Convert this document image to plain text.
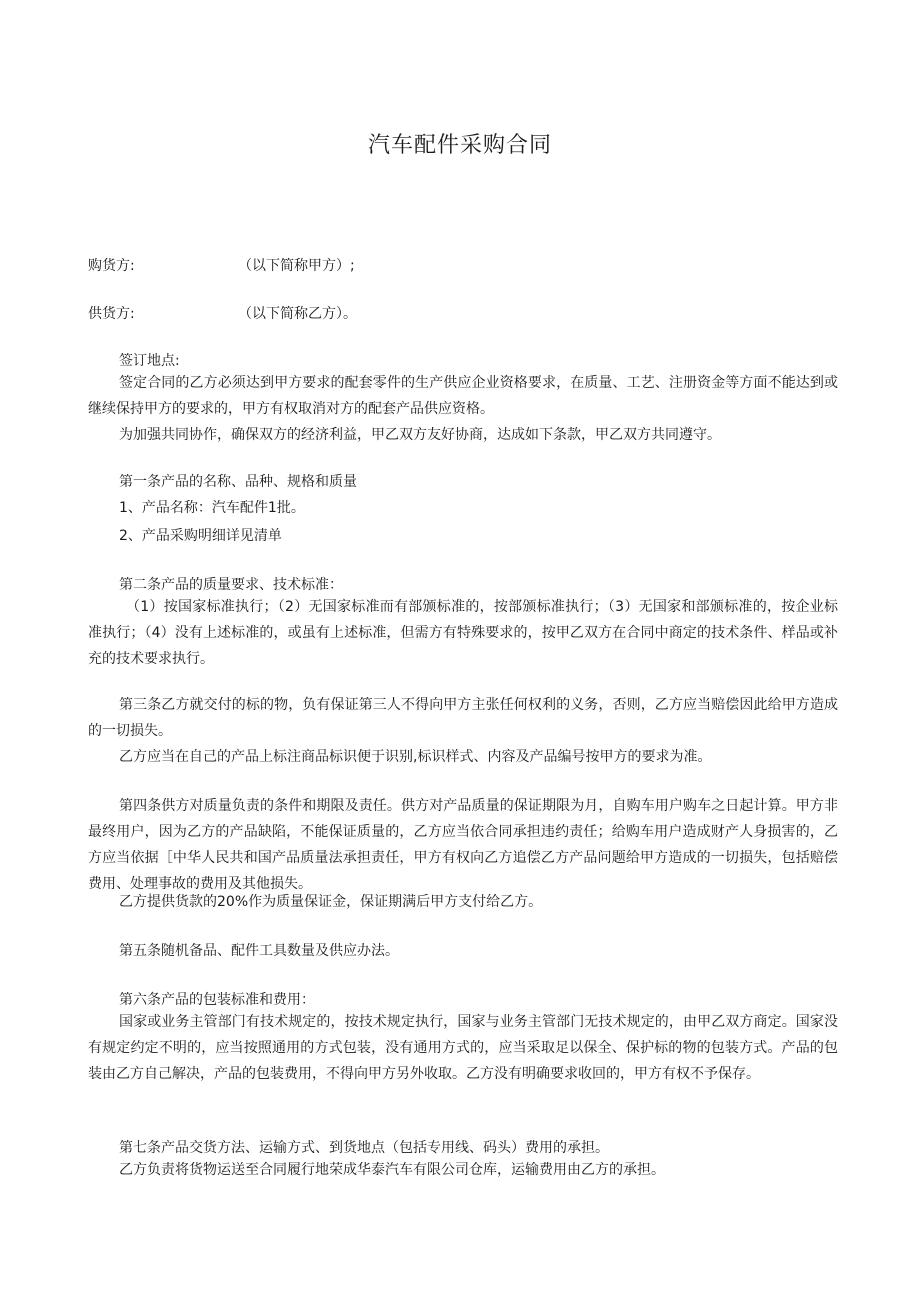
汽车配件采购合同
购货方:	（以下简称甲方）;
供货方:	（以下简称乙方）。
签订地点:
签定合同的乙方必须达到甲方要求的配套零件的生产供应企业资格要求，在质量、工艺、注册资金等方面不能达到或继续保持甲方的要求的，甲方有权取消对方的配套产品供应资格。
为加强共同协作，确保双方的经济利益，甲乙双方友好协商，达成如下条款，甲乙双方共同遵守。
第一条产品的名称、品种、规格和质量
1、产品名称：汽车配件1批。
2、产品采购明细详见清单
第二条产品的质量要求、技术标准：
（1）按国家标准执行；（2）无国家标准而有部颁标准的，按部颁标准执行；（3）无国家和部颁标准的，按企业标准执行；（4）没有上述标准的，或虽有上述标准，但需方有特殊要求的，按甲乙双方在合同中商定的技术条件、样品或补充的技术要求执行。
第三条乙方就交付的标的物，负有保证第三人不得向甲方主张任何权利的义务，否则，乙方应当赔偿因此给甲方造成的一切损失。
乙方应当在自己的产品上标注商品标识便于识别,标识样式、内容及产品编号按甲方的要求为准。
第四条供方对质量负责的条件和期限及责任。供方对产品质量的保证期限为月，自购车用户购车之日起计算。甲方非最终用户，因为乙方的产品缺陷，不能保证质量的，乙方应当依合同承担违约责任；给购车用户造成财产人身损害的，乙方应当依据［中华人民共和国产品质量法承担责任，甲方有权向乙方追偿乙方产品问题给甲方造成的一切损失，包括赔偿费用、处理事故的费用及其他损失。
乙方提供货款的20%作为质量保证金，保证期满后甲方支付给乙方。
第五条随机备品、配件工具数量及供应办法。
第六条产品的包装标准和费用：
国家或业务主管部门有技术规定的，按技术规定执行，国家与业务主管部门无技术规定的，由甲乙双方商定。国家没有规定约定不明的，应当按照通用的方式包装，没有通用方式的，应当采取足以保全、保护标的物的包装方式。产品的包装由乙方自己解决，产品的包装费用，不得向甲方另外收取。乙方没有明确要求收回的，甲方有权不予保存。
第七条产品交货方法、运输方式、到货地点（包括专用线、码头）费用的承担。
乙方负责将货物运送至合同履行地荣成华泰汽车有限公司仓库，运输费用由乙方的承担。
